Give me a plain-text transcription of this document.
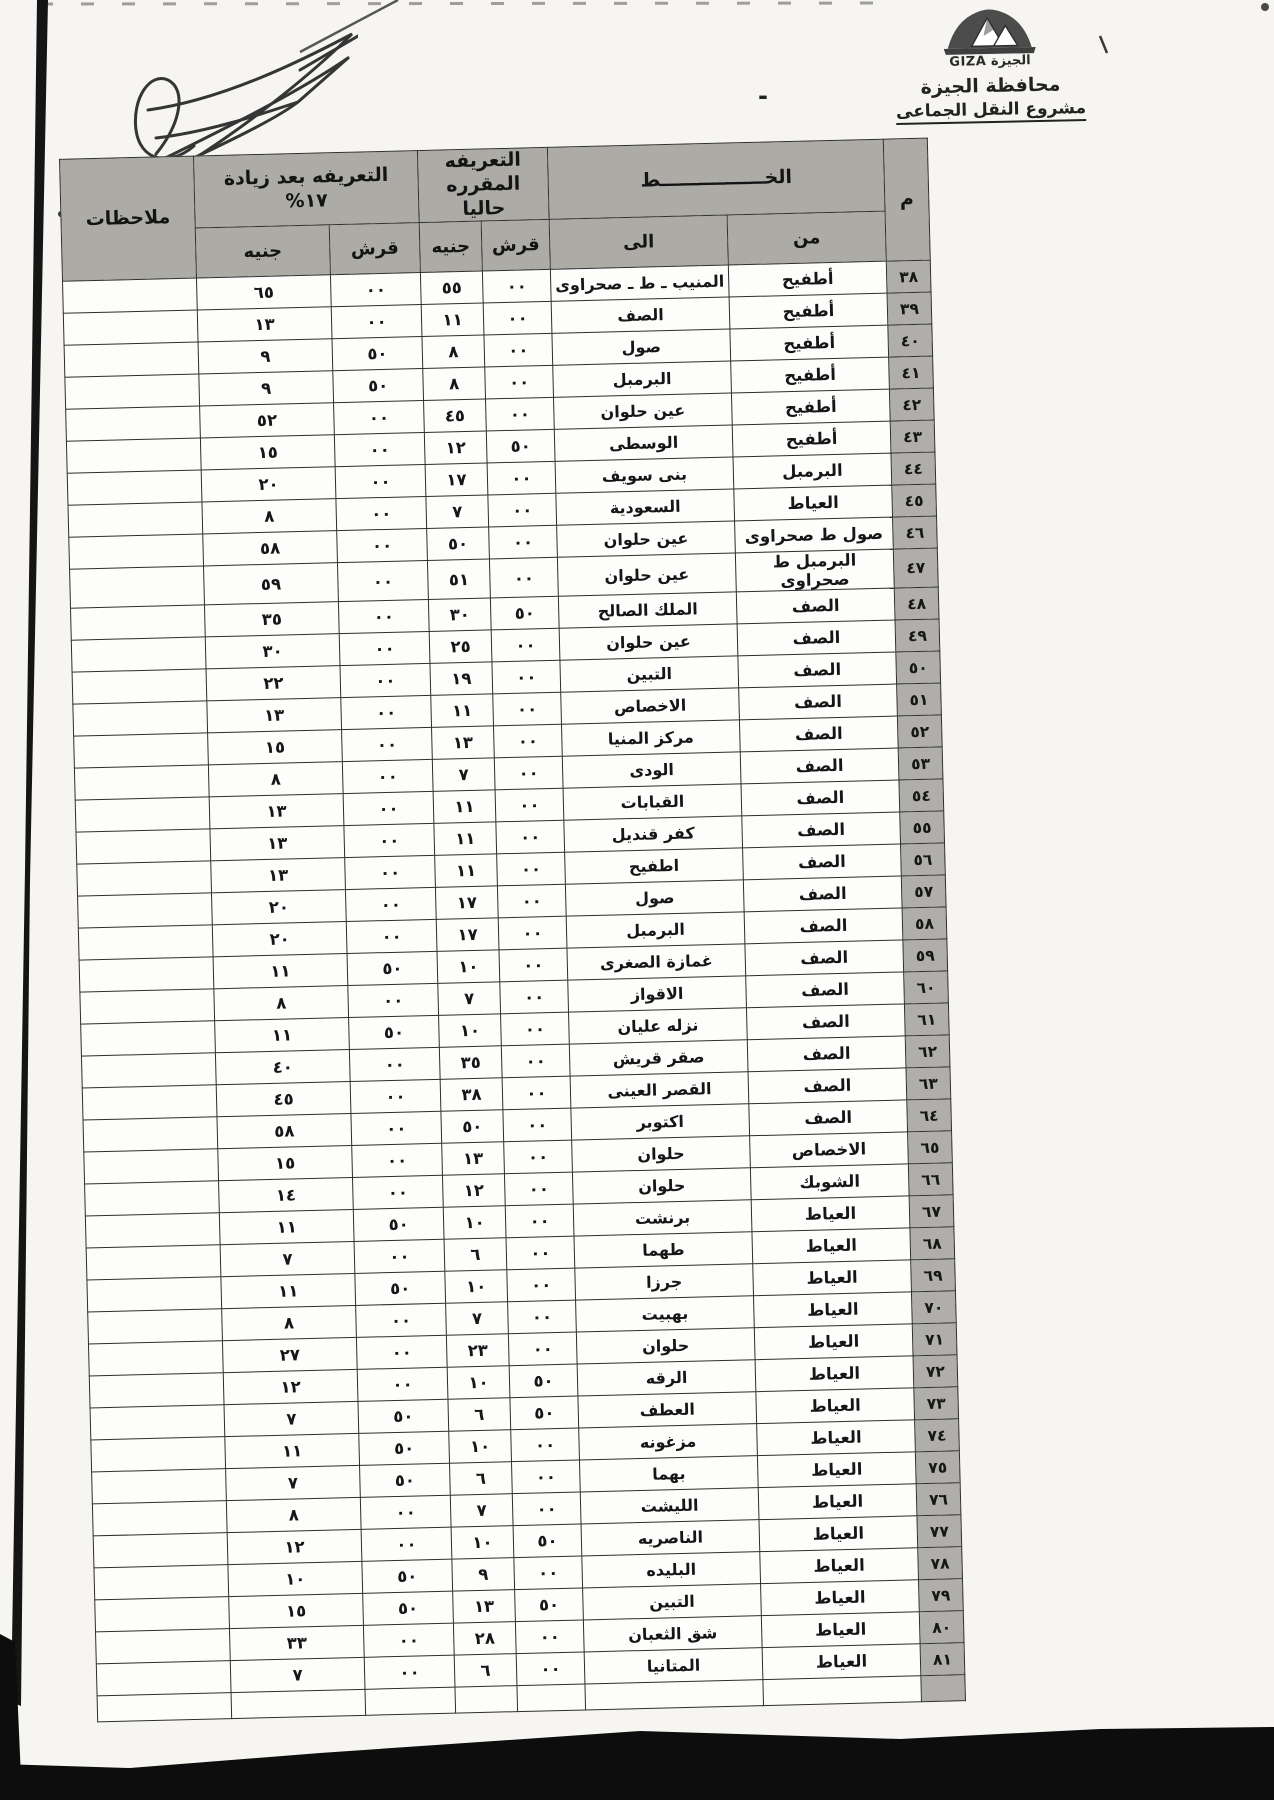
الجيزة GIZA
محافظة الجيزة
مشروع النقل الجماعى
-
م	الخــــــــــــــــط		التعريفه
المقرره حاليا		التعريفه بعد زيادة
١٧%		ملاحظات
	من	الى	قرش	جنيه	قرش	جنيه	
٣٨	أطفيح	المنيب ـ ط ـ صحراوى	٠٠	٥٥	٠٠	٦٥	
٣٩	أطفيح	الصف	٠٠	١١	٠٠	١٣	
٤٠	أطفيح	صول	٠٠	٨	٥٠	٩	
٤١	أطفيح	البرمبل	٠٠	٨	٥٠	٩	
٤٢	أطفيح	عين حلوان	٠٠	٤٥	٠٠	٥٢	
٤٣	أطفيح	الوسطى	٥٠	١٢	٠٠	١٥	
٤٤	البرمبل	بنى سويف	٠٠	١٧	٠٠	٢٠	
٤٥	العياط	السعودية	٠٠	٧	٠٠	٨	
٤٦	صول ط صحراوى	عين حلوان	٠٠	٥٠	٠٠	٥٨	
٤٧	البرمبل ط صحراوى	عين حلوان	٠٠	٥١	٠٠	٥٩	
٤٨	الصف	الملك الصالح	٥٠	٣٠	٠٠	٣٥	
٤٩	الصف	عين حلوان	٠٠	٢٥	٠٠	٣٠	
٥٠	الصف	التبين	٠٠	١٩	٠٠	٢٢	
٥١	الصف	الاخصاص	٠٠	١١	٠٠	١٣	
٥٢	الصف	مركز المنيا	٠٠	١٣	٠٠	١٥	
٥٣	الصف	الودى	٠٠	٧	٠٠	٨	
٥٤	الصف	القبابات	٠٠	١١	٠٠	١٣	
٥٥	الصف	كفر قنديل	٠٠	١١	٠٠	١٣	
٥٦	الصف	اطفيح	٠٠	١١	٠٠	١٣	
٥٧	الصف	صول	٠٠	١٧	٠٠	٢٠	
٥٨	الصف	البرمبل	٠٠	١٧	٠٠	٢٠	
٥٩	الصف	غمازة الصغرى	٠٠	١٠	٥٠	١١	
٦٠	الصف	الاقواز	٠٠	٧	٠٠	٨	
٦١	الصف	نزله عليان	٠٠	١٠	٥٠	١١	
٦٢	الصف	صقر قريش	٠٠	٣٥	٠٠	٤٠	
٦٣	الصف	القصر العينى	٠٠	٣٨	٠٠	٤٥	
٦٤	الصف	اكتوبر	٠٠	٥٠	٠٠	٥٨	
٦٥	الاخصاص	حلوان	٠٠	١٣	٠٠	١٥	
٦٦	الشوبك	حلوان	٠٠	١٢	٠٠	١٤	
٦٧	العياط	برنشت	٠٠	١٠	٥٠	١١	
٦٨	العياط	طهما	٠٠	٦	٠٠	٧	
٦٩	العياط	جرزا	٠٠	١٠	٥٠	١١	
٧٠	العياط	بهبيت	٠٠	٧	٠٠	٨	
٧١	العياط	حلوان	٠٠	٢٣	٠٠	٢٧	
٧٢	العياط	الرقه	٥٠	١٠	٠٠	١٢	
٧٣	العياط	العطف	٥٠	٦	٥٠	٧	
٧٤	العياط	مزغونه	٠٠	١٠	٥٠	١١	
٧٥	العياط	بهما	٠٠	٦	٥٠	٧	
٧٦	العياط	الليشت	٠٠	٧	٠٠	٨	
٧٧	العياط	الناصريه	٥٠	١٠	٠٠	١٢	
٧٨	العياط	البليده	٠٠	٩	٥٠	١٠	
٧٩	العياط	التبين	٥٠	١٣	٥٠	١٥	
٨٠	العياط	شق الثعبان	٠٠	٢٨	٠٠	٣٣	
٨١	العياط	المتانيا	٠٠	٦	٠٠	٧	
